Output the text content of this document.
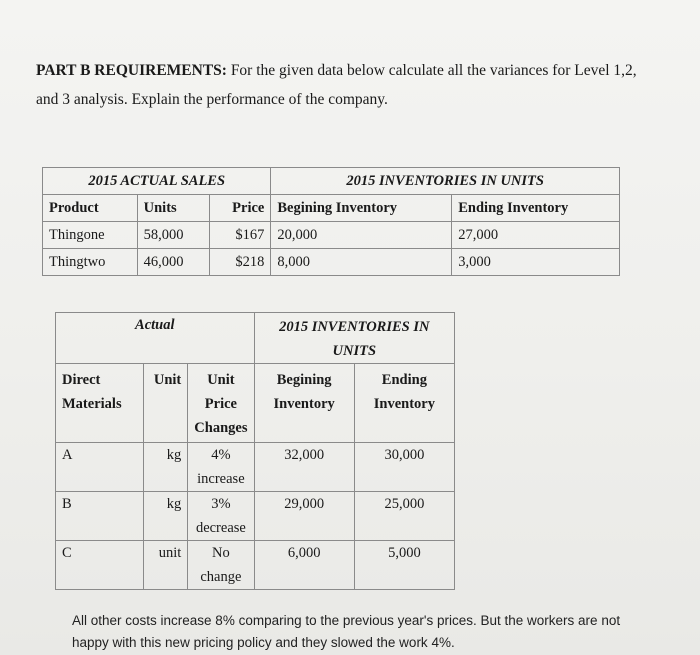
PART B REQUIREMENTS: For the given data below calculate all the variances for Level 1,2, and 3 analysis. Explain the performance of the company.
2015 ACTUAL SALES			2015 INVENTORIES IN UNITS	
Product	Units	Price	Begining Inventory	Ending Inventory
Thingone	58,000	$167	20,000	27,000
Thingtwo	46,000	$218	8,000	3,000
Actual			2015 INVENTORIES IN UNITS	
Direct Materials	Unit	Unit Price Changes	Begining Inventory	Ending Inventory
A	kg	4% increase	32,000	30,000
B	kg	3% decrease	29,000	25,000
C	unit	No change	6,000	5,000
All other costs increase 8% comparing to the previous year's prices. But the workers are not happy with this new pricing policy and they slowed the work 4%.
